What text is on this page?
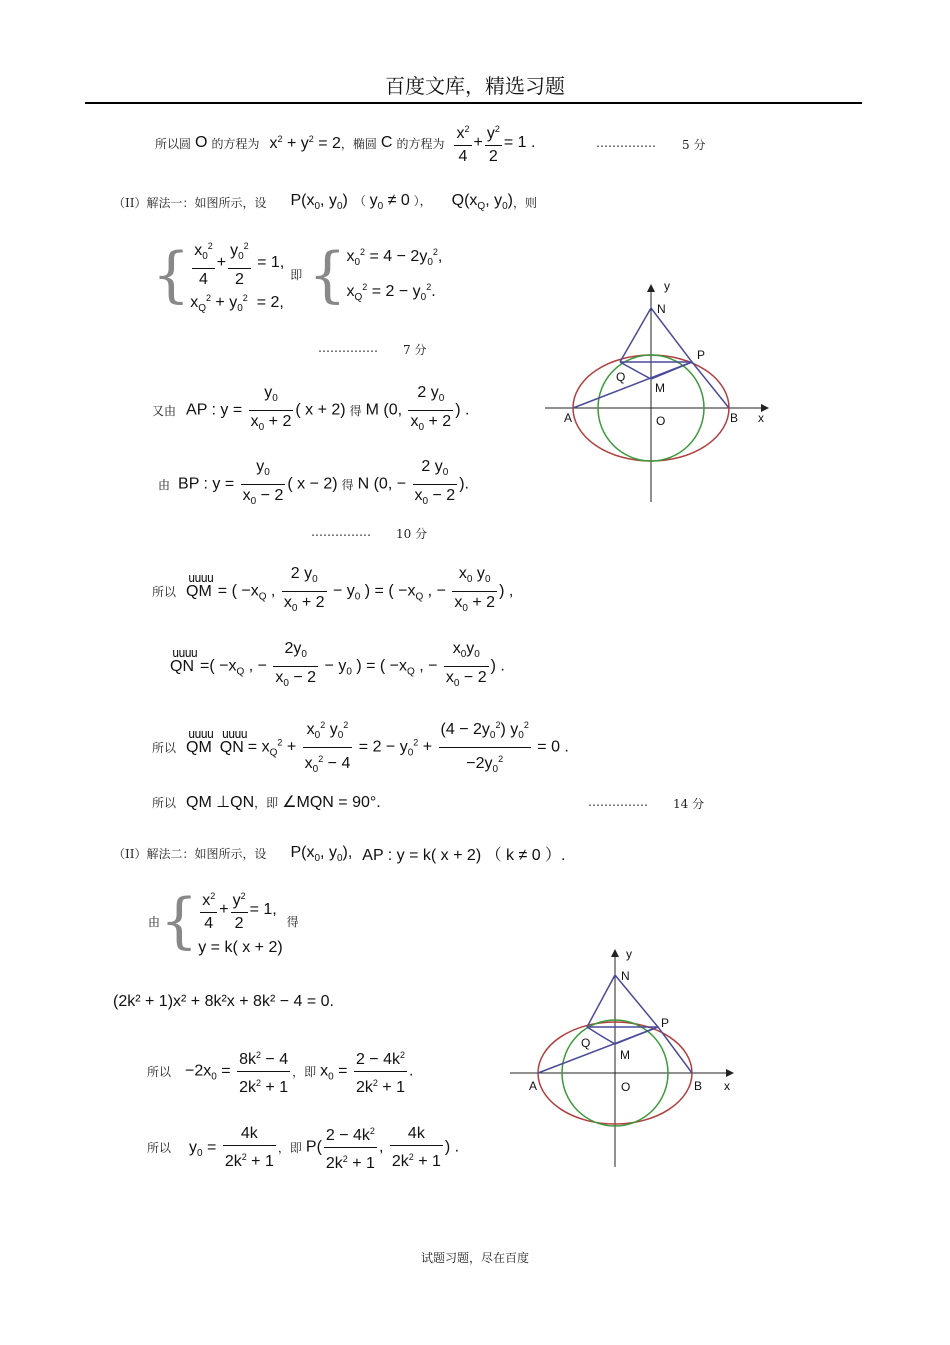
百度文库，精选习题
所以圆 O 的方程为 $x^2 + y^2 = 2$ ，椭圆 C 的方程为 $\frac{x^2}{4} + \frac{y^2}{2} = 1$ .	…………… 5 分
（II）解法一：如图所示，设 $P(x_0$, $y_0$) （ $y_0 \ne 0$ ）， $Q(x_Q$, $y_0$) ，则
{ $\frac{x_0^2}{4} + \frac{y_0^2}{2} = 1$,
$x_Q^2 + y_0^2 = 2$,
即 { $x_0^2 = 4 - 2y_0^2$,
$x_Q^2 = 2 - y_0^2$.
…………… 7 分
又由 AP : $y = \frac{y_0}{x_0 + 2}$ ( x + 2) 得 M (0, $\frac{2 y_0}{x_0 + 2}$ ) .
由 BP : $y = \frac{y_0}{x_0 - 2}$ ( x − 2) 得 N (0, − $\frac{2 y_0}{x_0 - 2}$ ).
…………… 10 分
所以
uuuu
QM = ( $-x_Q$ , $\frac{2 y_0}{x_0 + 2} - y_0$ ) = ( $-x_Q$ , − $\frac{x_0 y_0}{x_0 + 2}$ ) ,
uuuu
QN =( $-x_Q$ , − $\frac{2y_0}{x_0 - 2} - y_0$ ) = ( $-x_Q$ , − $\frac{x_0y_0}{x_0 - 2}$ ) .
所以
uuuu
QM
uuuu
QN = $x_Q^2 + \frac{x_0^2 y_0^2}{x_0^2 - 4} = 2 - y_0^2 + \frac{(4 - 2y_0^2) y_0^2}{-2y_0^2} = 0$ .
所以 QM ⊥QN ，即 ∠MQN = 90°.	…………… 14 分
（II）解法二：如图所示，设 $P(x_0$, $y_0$), AP : y = k( x + 2) （ k ≠ 0 ）.
由 { $\frac{x^2}{4} + \frac{y^2}{2} = 1$,
y = k( x + 2)
得
(2k² + 1)x² + 8k²x + 8k² − 4 = 0.
所以 $-2x_0 = \frac{8k^2 - 4}{2k^2 + 1}$ ，即 $x_0 = \frac{2 - 4k^2}{2k^2 + 1}$ .
所以 $y_0 = \frac{4k}{2k^2 + 1}$ ，即 $P( \frac{2 - 4k^2}{2k^2 + 1}$ , $\frac{4k}{2k^2 + 1}$ ) .
y
N
P
Q
M
A	B
O	x
y
N
P
Q
M
A	B
O	x
试题习题，尽在百度
